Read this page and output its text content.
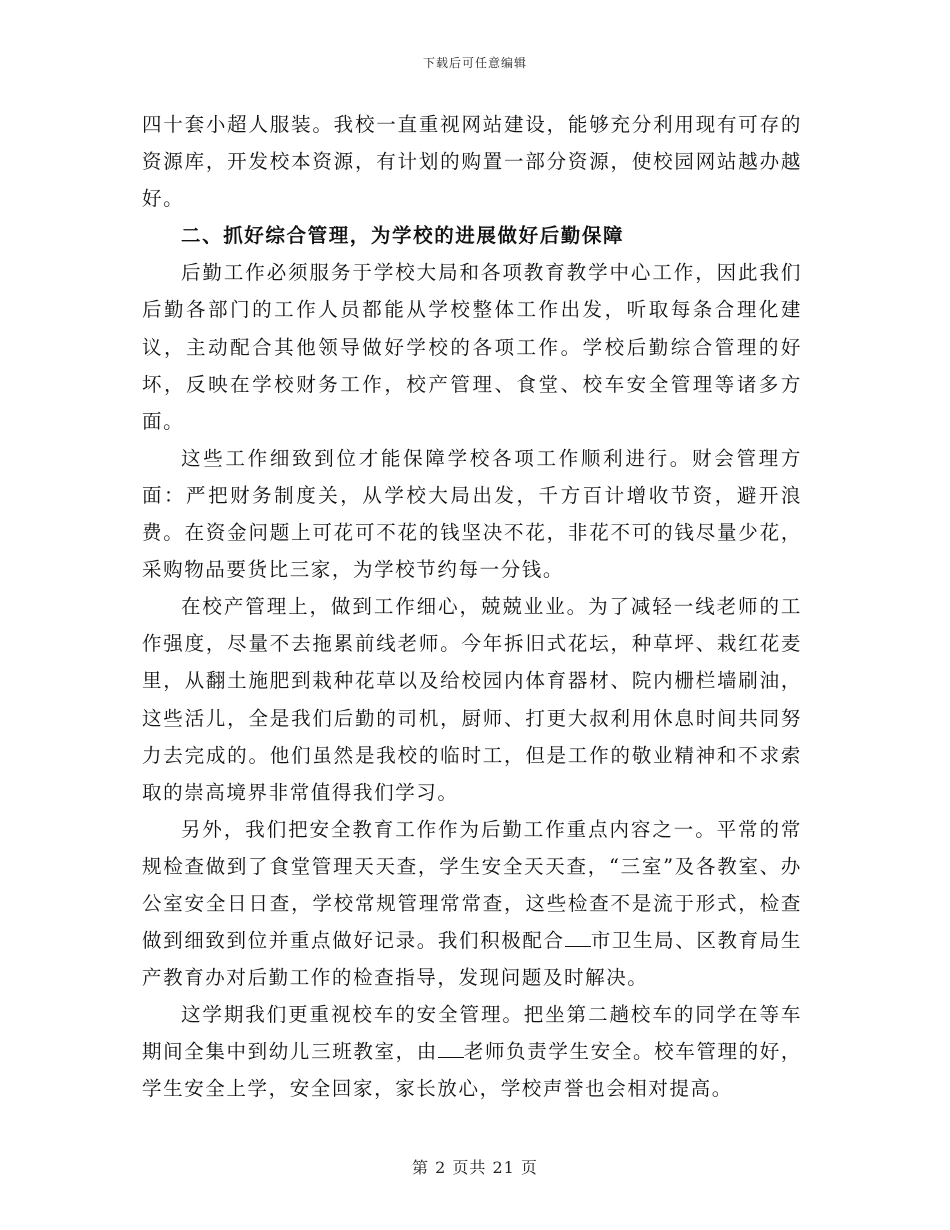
下载后可任意编辑

四十套小超人服装。我校一直重视网站建设，能够充分利用现有可存的资源库，开发校本资源，有计划的购置一部分资源，使校园网站越办越好。

二、抓好综合管理，为学校的进展做好后勤保障

后勤工作必须服务于学校大局和各项教育教学中心工作，因此我们后勤各部门的工作人员都能从学校整体工作出发，听取每条合理化建议，主动配合其他领导做好学校的各项工作。学校后勤综合管理的好坏，反映在学校财务工作，校产管理、食堂、校车安全管理等诸多方面。

这些工作细致到位才能保障学校各项工作顺利进行。财会管理方面：严把财务制度关，从学校大局出发，千方百计增收节资，避开浪费。在资金问题上可花可不花的钱坚决不花，非花不可的钱尽量少花，采购物品要货比三家，为学校节约每一分钱。

在校产管理上，做到工作细心，兢兢业业。为了减轻一线老师的工作强度，尽量不去拖累前线老师。今年拆旧式花坛，种草坪、栽红花麦里，从翻土施肥到栽种花草以及给校园内体育器材、院内栅栏墙刷油，这些活儿，全是我们后勤的司机，厨师、打更大叔利用休息时间共同努力去完成的。他们虽然是我校的临时工，但是工作的敬业精神和不求索取的崇高境界非常值得我们学习。

另外，我们把安全教育工作作为后勤工作重点内容之一。平常的常规检查做到了食堂管理天天查，学生安全天天查，“三室”及各教室、办公室安全日日查，学校常规管理常常查，这些检查不是流于形式，检查做到细致到位并重点做好记录。我们积极配合 市卫生局、区教育局生产教育办对后勤工作的检查指导，发现问题及时解决。

这学期我们更重视校车的安全管理。把坐第二趟校车的同学在等车期间全集中到幼儿三班教室，由 老师负责学生安全。校车管理的好，学生安全上学，安全回家，家长放心，学校声誉也会相对提高。

第 2 页共 21 页
